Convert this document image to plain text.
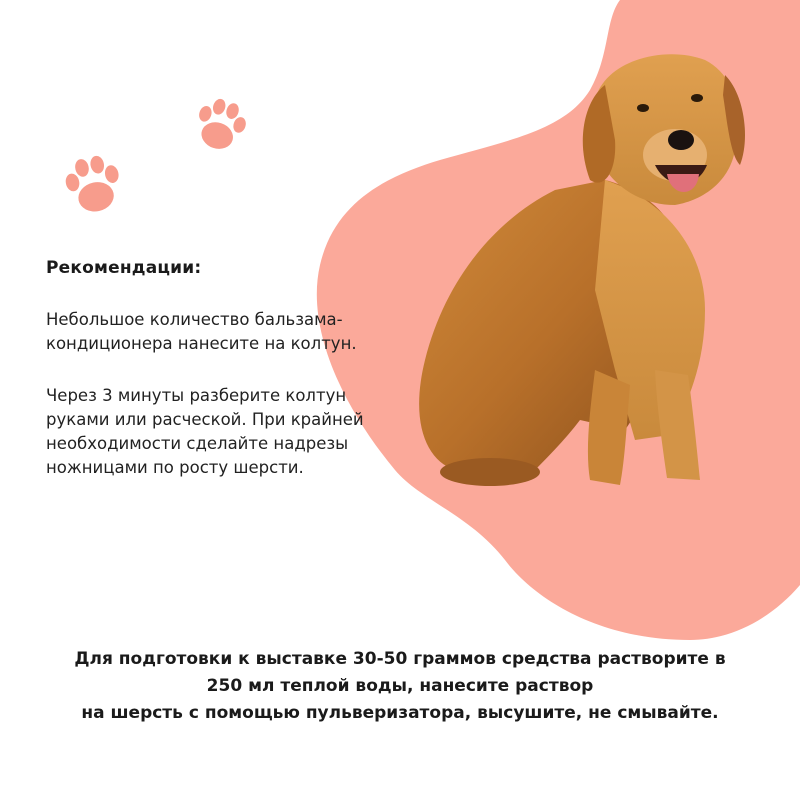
Рекомендации:
Небольшое количество бальзама-
кондиционера нанесите на колтун.
Через 3 минуты разберите колтун
руками или расческой. При крайней
необходимости сделайте надрезы
ножницами по росту шерсти.
Для подготовки к выставке 30-50 граммов средства растворите в
250 мл теплой воды, нанесите раствор
на шерсть с помощью пульверизатора, высушите, не смывайте.
